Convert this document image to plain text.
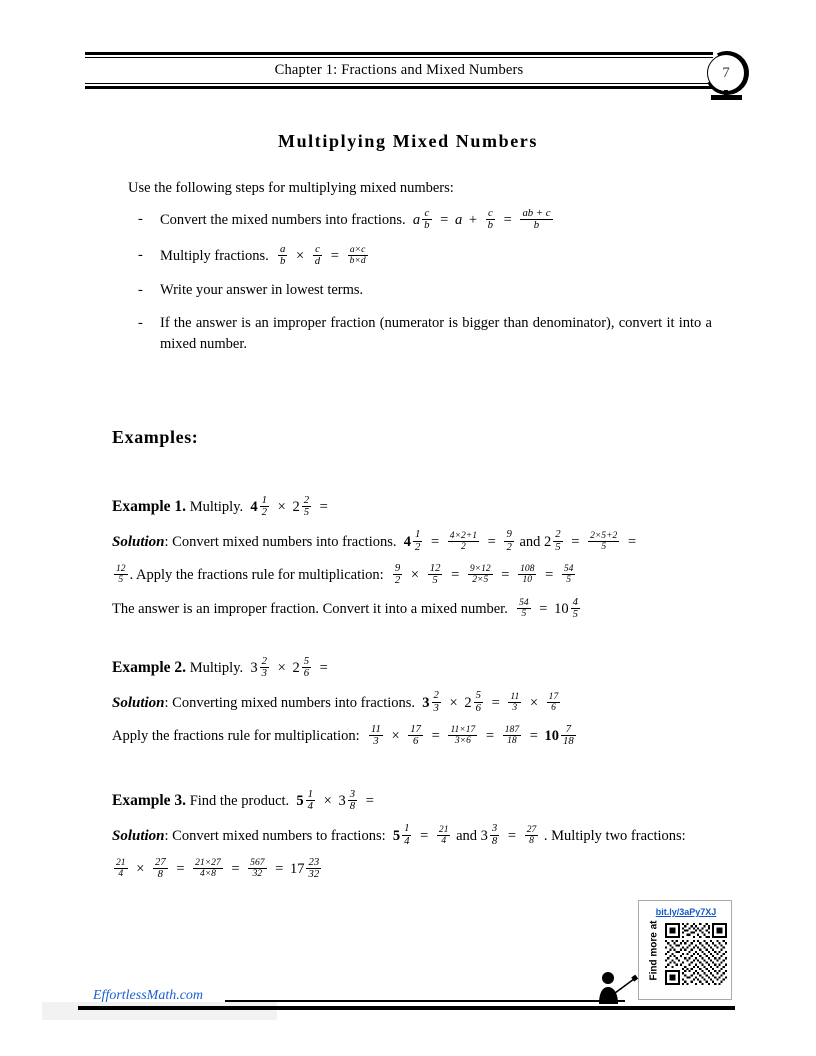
Chapter 1: Fractions and Mixed Numbers	7
Multiplying Mixed Numbers
Use the following steps for multiplying mixed numbers:
-	Convert the mixed numbers into fractions.  a $\frac{c}{b} = a + \frac{c}{b} = \frac{ab + c}{b}$
-	Multiply fractions. $\frac{a}{b} \times \frac{c}{d} = \frac{a\times c}{b\times d}$
-	Write your answer in lowest terms.
-	If the answer is an improper fraction (numerator is bigger than denominator), convert it into a mixed number.
Examples:
Example 1. Multiply. $4 \frac{1}{2} \times 2 \frac{2}{5}$ =
Solution: Convert mixed numbers into fractions. $4 \frac{1}{2} = \frac{4\times 2+1}{2} = \frac{9}{2}$ and $2 \frac{2}{5} = \frac{2\times 5+2}{5}$ =
$\frac{12}{5}$ . Apply the fractions rule for multiplication: $\frac{9}{2} \times \frac{12}{5} = \frac{9\times 12}{2\times 5} = \frac{108}{10} = \frac{54}{5}$
The answer is an improper fraction. Convert it into a mixed number. $\frac{54}{5} = 10 \frac{4}{5}$
Example 2. Multiply. $3 \frac{2}{3} \times 2 \frac{5}{6}$ =
Solution: Converting mixed numbers into fractions. $3 \frac{2}{3} \times 2 \frac{5}{6} = \frac{11}{3} \times \frac{17}{6}$
Apply the fractions rule for multiplication: $\frac{11}{3} \times \frac{17}{6} = \frac{11\times 17}{3\times 6} = \frac{187}{18} = 10 \frac{7}{18}$
Example 3. Find the product. $5 \frac{1}{4} \times 3 \frac{3}{8}$ =
Solution: Convert mixed numbers to fractions: $5 \frac{1}{4} = \frac{21}{4}$ and $3 \frac{3}{8} = \frac{27}{8}$ . Multiply two fractions:
$\frac{21}{4} \times \frac{27}{8} = \frac{21\times 27}{4\times 8} = \frac{567}{32} = 17 \frac{23}{32}$
bit.ly/3aPy7XJ
Find more at
EffortlessMath.com
